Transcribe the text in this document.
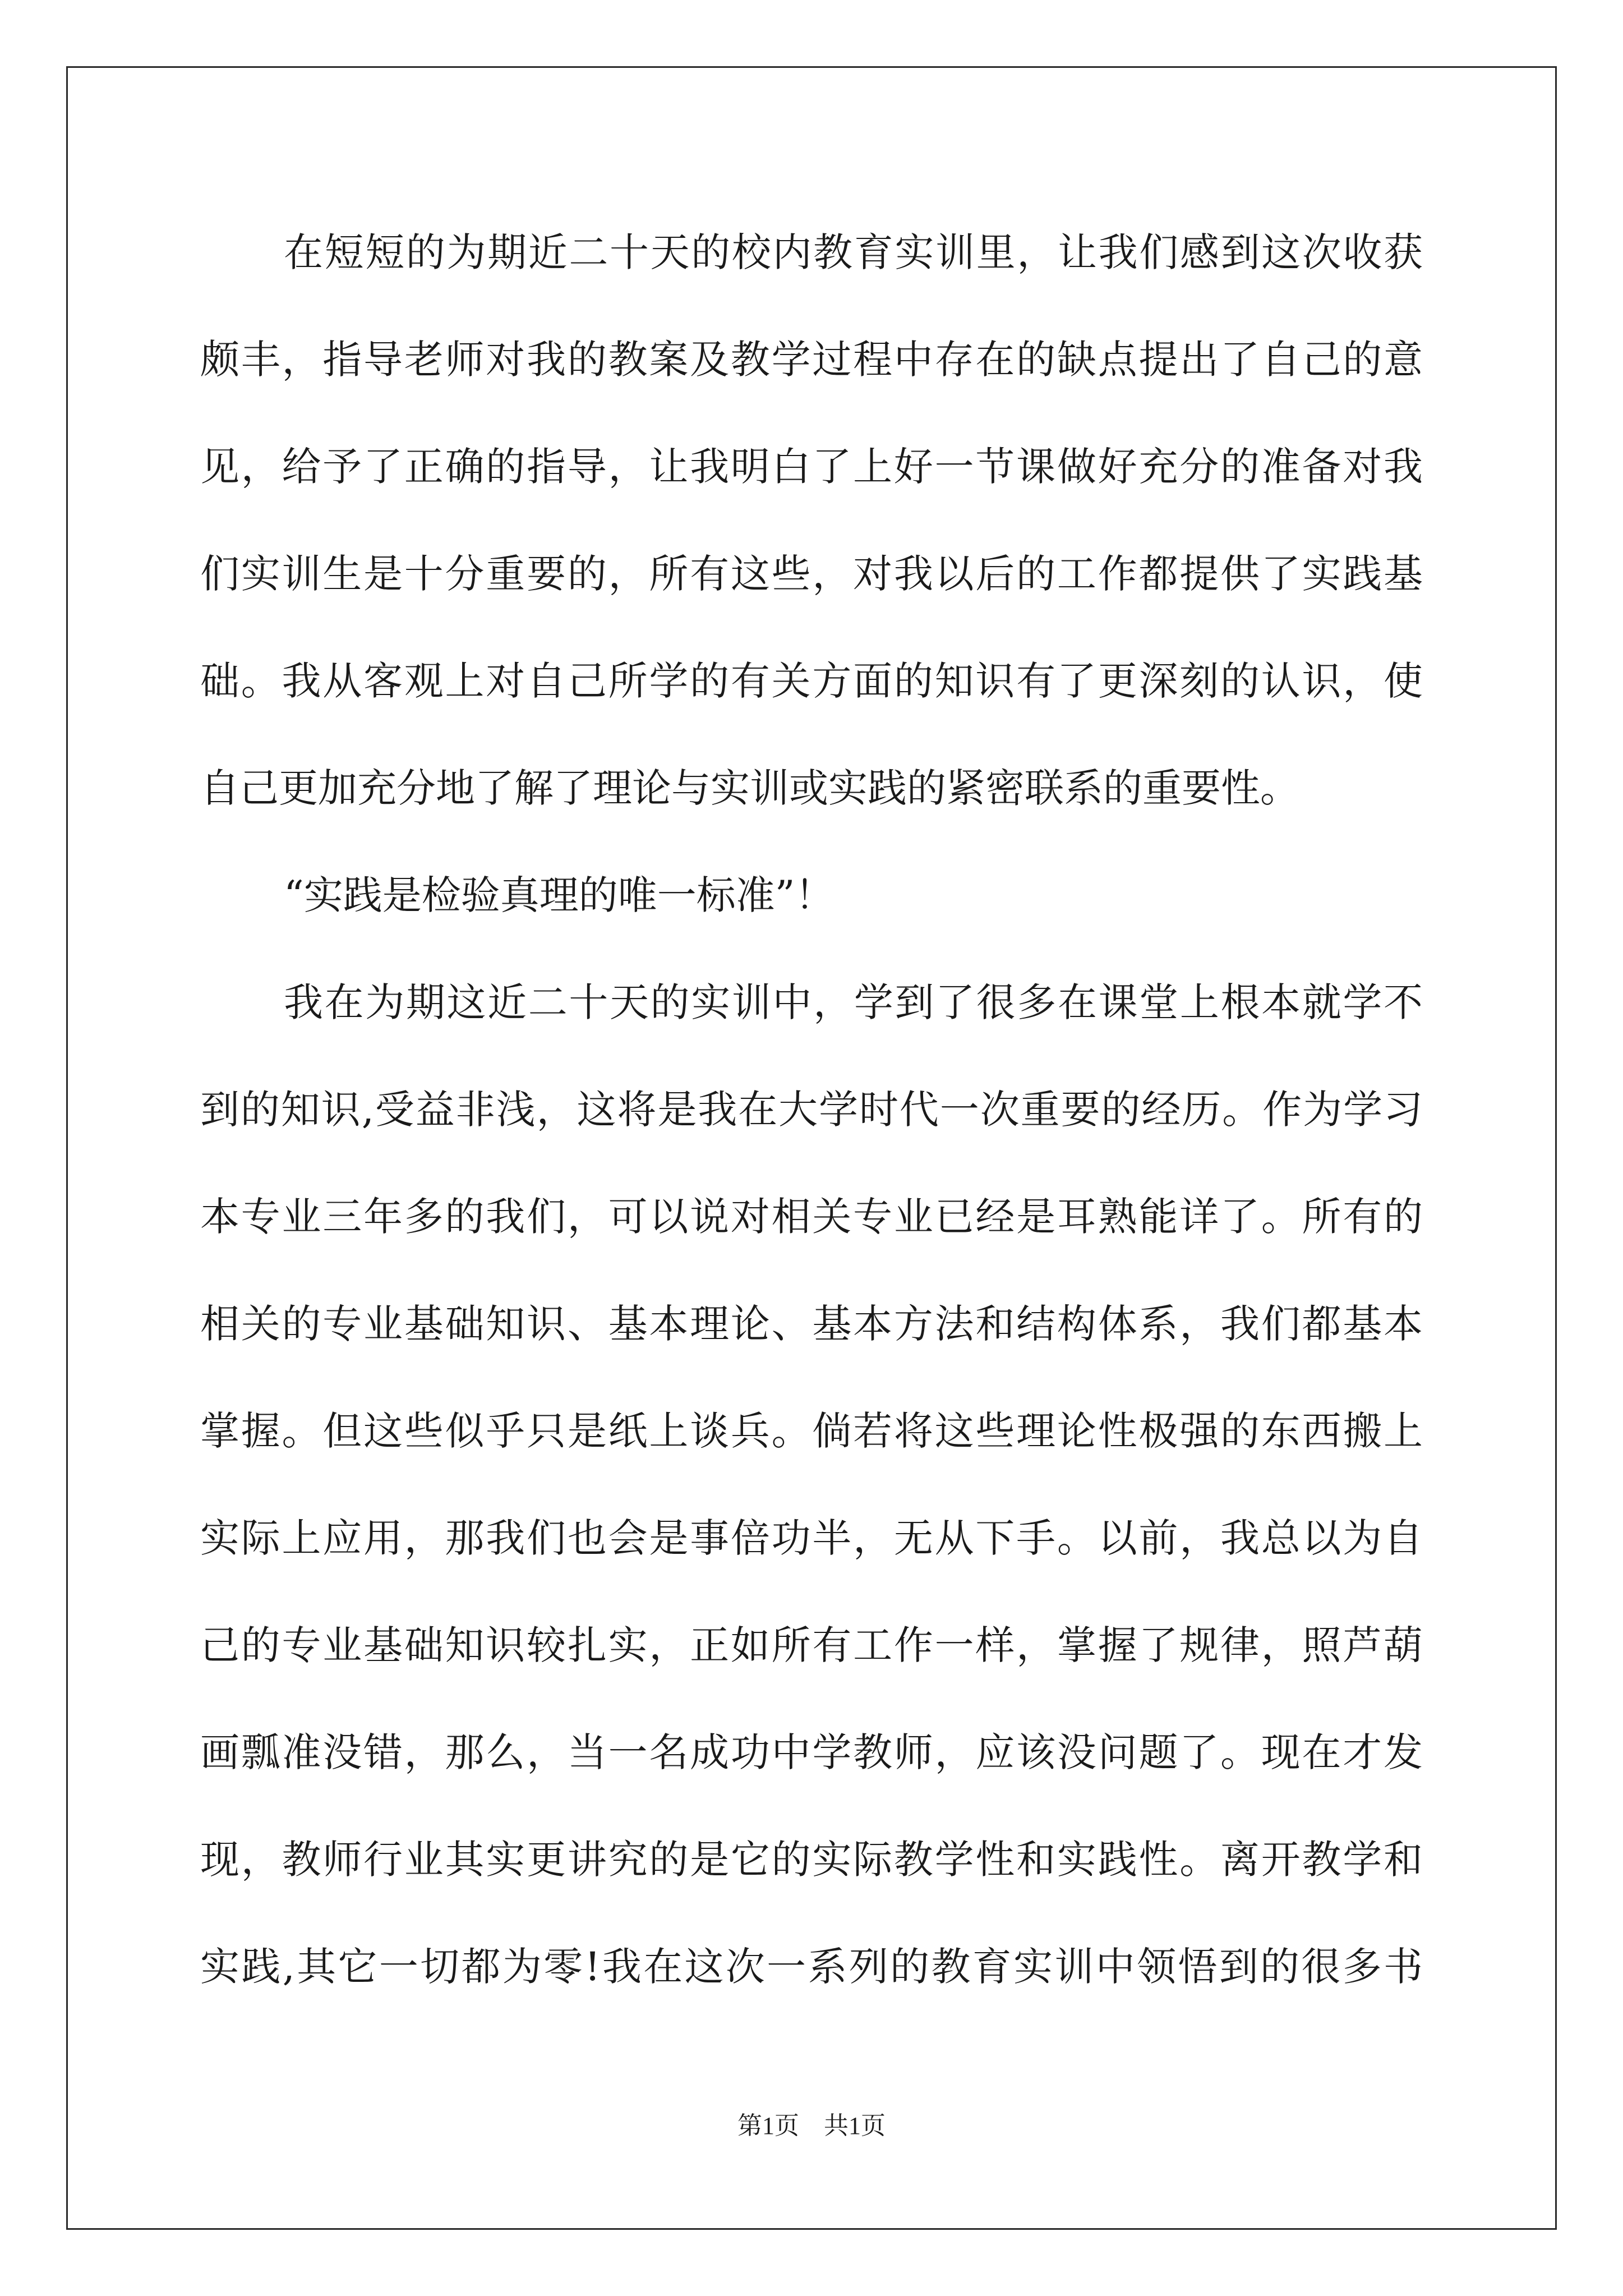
在短短的为期近二十天的校内教育实训里，让我们感到这次收获
颇丰，指导老师对我的教案及教学过程中存在的缺点提出了自己的意
见，给予了正确的指导，让我明白了上好一节课做好充分的准备对我
们实训生是十分重要的，所有这些，对我以后的工作都提供了实践基
础。我从客观上对自己所学的有关方面的知识有了更深刻的认识，使
自己更加充分地了解了理论与实训或实践的紧密联系的重要性。
“实践是检验真理的唯一标准”！
我在为期这近二十天的实训中，学到了很多在课堂上根本就学不
到的知识,受益非浅，这将是我在大学时代一次重要的经历。作为学习
本专业三年多的我们，可以说对相关专业已经是耳熟能详了。所有的
相关的专业基础知识、基本理论、基本方法和结构体系，我们都基本
掌握。但这些似乎只是纸上谈兵。倘若将这些理论性极强的东西搬上
实际上应用，那我们也会是事倍功半，无从下手。以前，我总以为自
己的专业基础知识较扎实，正如所有工作一样，掌握了规律，照芦葫
画瓢准没错，那么，当一名成功中学教师，应该没问题了。现在才发
现，教师行业其实更讲究的是它的实际教学性和实践性。离开教学和
实践,其它一切都为零!我在这次一系列的教育实训中领悟到的很多书
第1页 共1页
